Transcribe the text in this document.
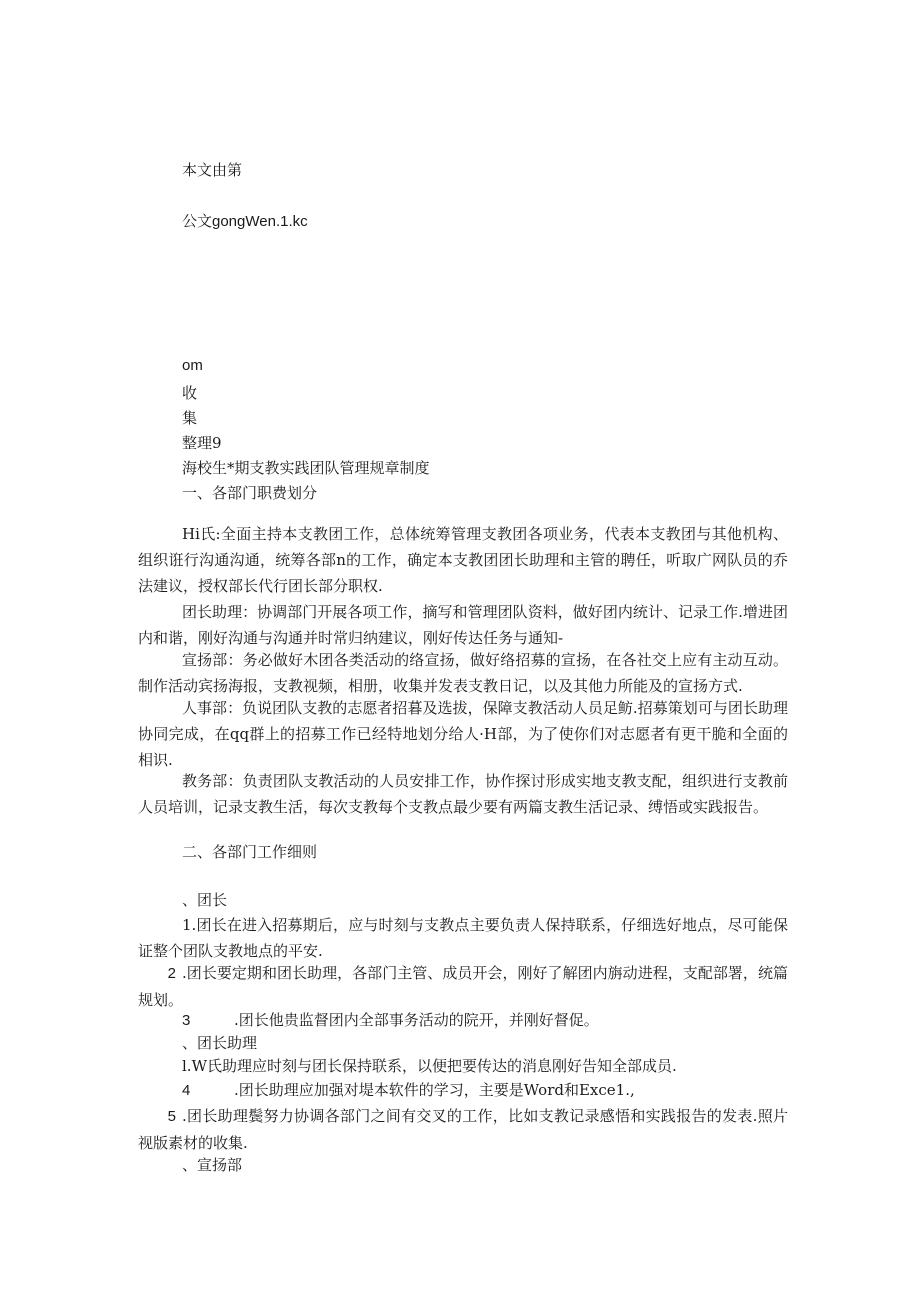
本文由第
公文gongWen.1.kc
om
收
集
整理9
海校生*期支教实践团队管理规章制度
一、各部门职费划分

Hi氏:全面主持本支教团工作，总体统筹管理支教团各项业务，代表本支教团与其他机构、组织诳行沟通沟通，统筹各部n的工作，确定本支教团团长助理和主管的聘任，听取广网队员的乔法建议，授权部长代行团长部分职权.

团长助理：协调部门开展各项工作，摘写和管理团队资料，做好团内统计、记录工作.增进团内和谐，刚好沟通与沟通并时常归纳建议，刚好传达任务与通知-

宣扬部：务必做好木团各类活动的络宣扬，做好络招募的宣扬，在各社交上应有主动互动。制作活动宾扬海报，支教视频，相册，收集并发表支教日记，以及其他力所能及的宣扬方式.

人事部：负说团队支教的志愿者招暮及选拔，保障支教活动人员足鲂.招募策划可与团长助理协同完成，在qq群上的招募工作已经特地划分给人·H部，为了使你们对志愿者有更干脆和全面的相识.

教务部：负责团队支教活动的人员安排工作，协作探讨形成实地支教支配，组织进行支教前人员培训，记录支教生活，每次支教每个支教点最少要有两篇支教生活记录、缚悟或实践报告。

二、各部门工作细则
、团长

1.团长在进入招募期后，应与时刻与支教点主要负责人保持联系，仔细选好地点，尽可能保证整个团队支教地点的平安.

2 .团长要定期和团长助理，各部门主管、成员开会，刚好了解团内旃动进程，支配部署，统篇规划。

3	.团长他贵监督团内全部事务活动的院开，并刚好督促。
、团长助理
l.W氏助理应时刻与团长保持联系，以便把要传达的消息刚好告知全部成员.
4	.团长助理应加强对堤本软件的学习，主要是Word和Exce1.,

5 .团长助理鬓努力协调各部门之间有交叉的工作，比如支教记录感悟和实践报告的发表.照片视版素材的收集.

、宣扬部
